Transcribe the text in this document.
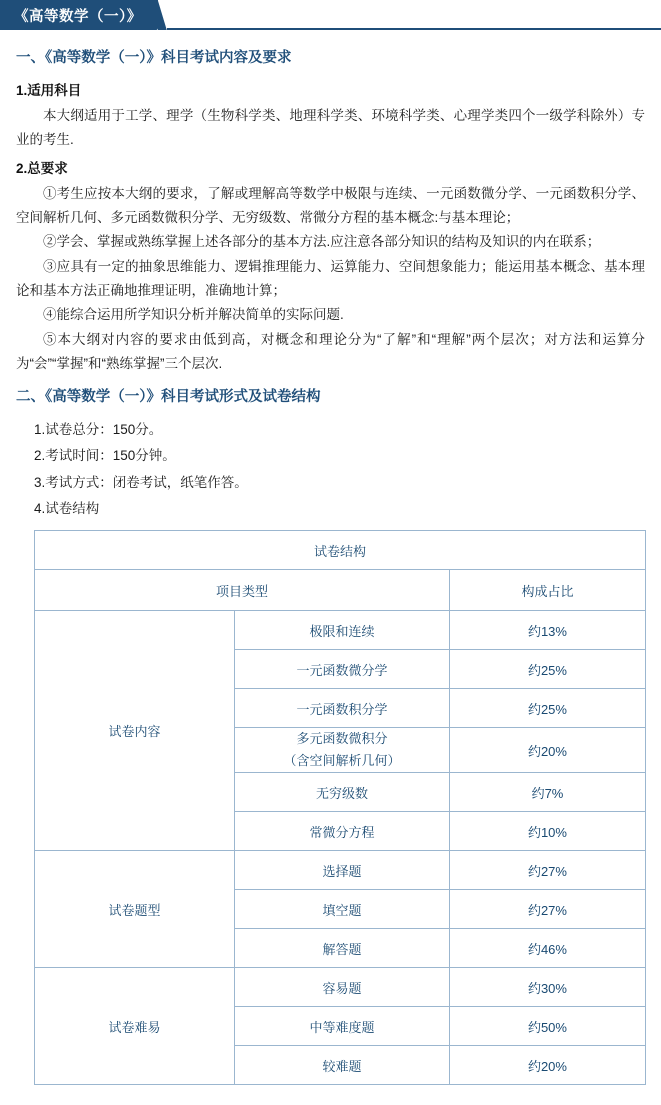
《高等数学（一）》
一、《高等数学（一）》科目考试内容及要求
1.适用科目

本大纲适用于工学、理学（生物科学类、地理科学类、环境科学类、心理学类四个一级学科除外）专业的考生.

2.总要求

①考生应按本大纲的要求，了解或理解高等数学中极限与连续、一元函数微分学、一元函数积分学、空间解析几何、多元函数微积分学、无穷级数、常微分方程的基本概念:与基本理论；

②学会、掌握或熟练掌握上述各部分的基本方法.应注意各部分知识的结构及知识的内在联系；

③应具有一定的抽象思维能力、逻辑推理能力、运算能力、空间想象能力；能运用基本概念、基本理论和基本方法正确地推理证明，准确地计算；

④能综合运用所学知识分析并解决简单的实际问题.

⑤本大纲对内容的要求由低到高，对概念和理论分为“了解”和“理解”两个层次；对方法和运算分为“会”“掌握”和“熟练掌握”三个层次.

二、《高等数学（一）》科目考试形式及试卷结构
1.试卷总分：150分。
2.考试时间：150分钟。
3.考试方式：闭卷考试，纸笔作答。
4.试卷结构
试卷结构		
项目类型		构成占比
试卷内容	极限和连续	约13%
	一元函数微分学	约25%
	一元函数积分学	约25%

	多元函数微积分
（含空间解析几何）	约20%
	无穷级数	约7%
	常微分方程	约10%
试卷题型	选择题	约27%
	填空题	约27%
	解答题	约46%
试卷难易	容易题	约30%
	中等难度题	约50%
	较难题	约20%
